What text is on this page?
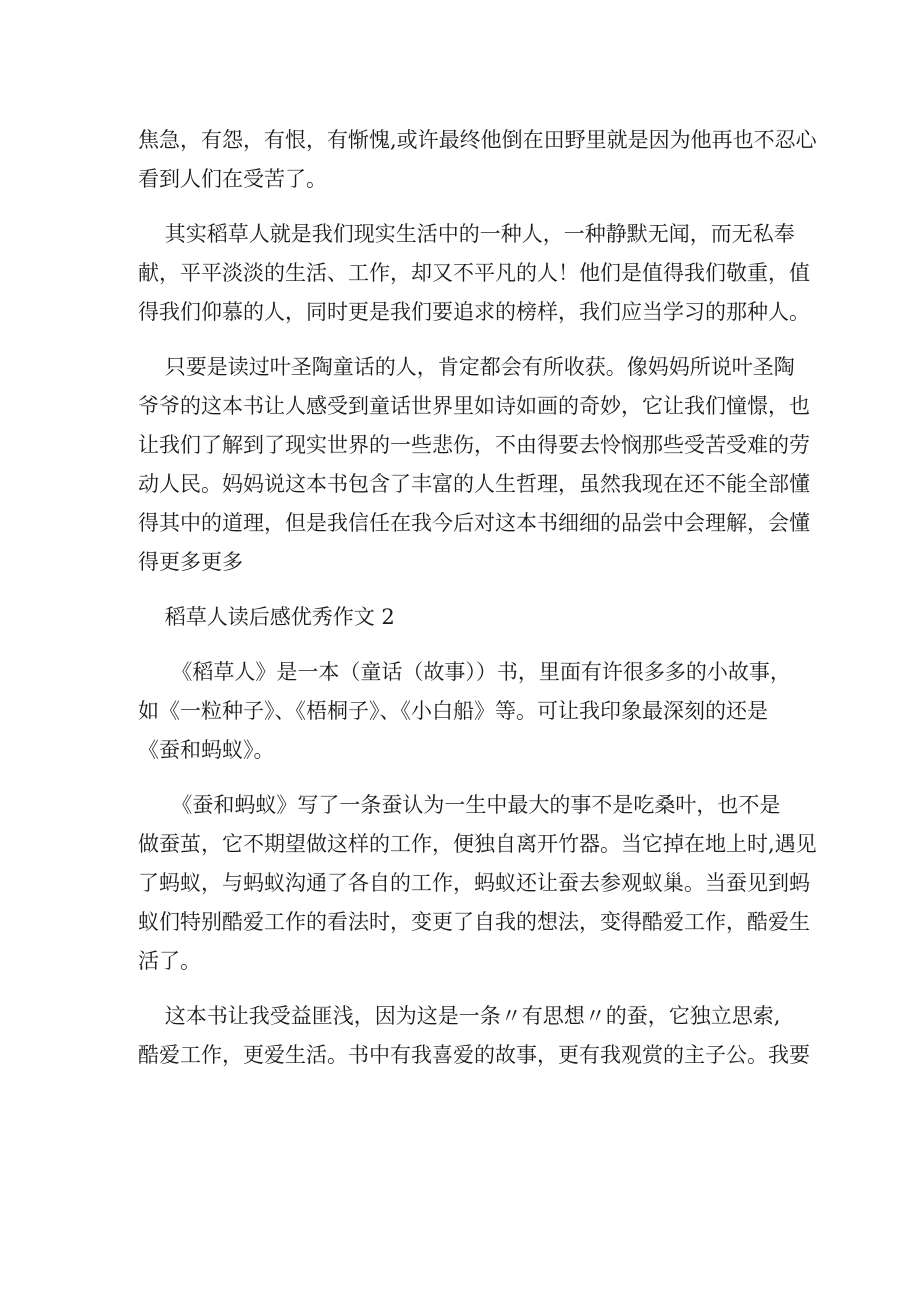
焦急，有怨，有恨，有惭愧,或许最终他倒在田野里就是因为他再也不忍心
看到人们在受苦了。
其实稻草人就是我们现实生活中的一种人，一种静默无闻，而无私奉
献，平平淡淡的生活、工作，却又不平凡的人！他们是值得我们敬重，值
得我们仰慕的人，同时更是我们要追求的榜样，我们应当学习的那种人。
只要是读过叶圣陶童话的人，肯定都会有所收获。像妈妈所说叶圣陶
爷爷的这本书让人感受到童话世界里如诗如画的奇妙，它让我们憧憬，也
让我们了解到了现实世界的一些悲伤，不由得要去怜悯那些受苦受难的劳
动人民。妈妈说这本书包含了丰富的人生哲理，虽然我现在还不能全部懂
得其中的道理，但是我信任在我今后对这本书细细的品尝中会理解，会懂
得更多更多
稻草人读后感优秀作文 2
《稻草人》是一本（童话（故事））书，里面有许很多多的小故事，
如《一粒种子》、《梧桐子》、《小白船》等。可让我印象最深刻的还是
《蚕和蚂蚁》。
《蚕和蚂蚁》写了一条蚕认为一生中最大的事不是吃桑叶，也不是
做蚕茧，它不期望做这样的工作，便独自离开竹器。当它掉在地上时,遇见
了蚂蚁，与蚂蚁沟通了各自的工作，蚂蚁还让蚕去参观蚁巢。当蚕见到蚂
蚁们特别酷爱工作的看法时，变更了自我的想法，变得酷爱工作，酷爱生
活了。
这本书让我受益匪浅，因为这是一条〃有思想〃的蚕，它独立思索,
酷爱工作，更爱生活。书中有我喜爱的故事，更有我观赏的主子公。我要
